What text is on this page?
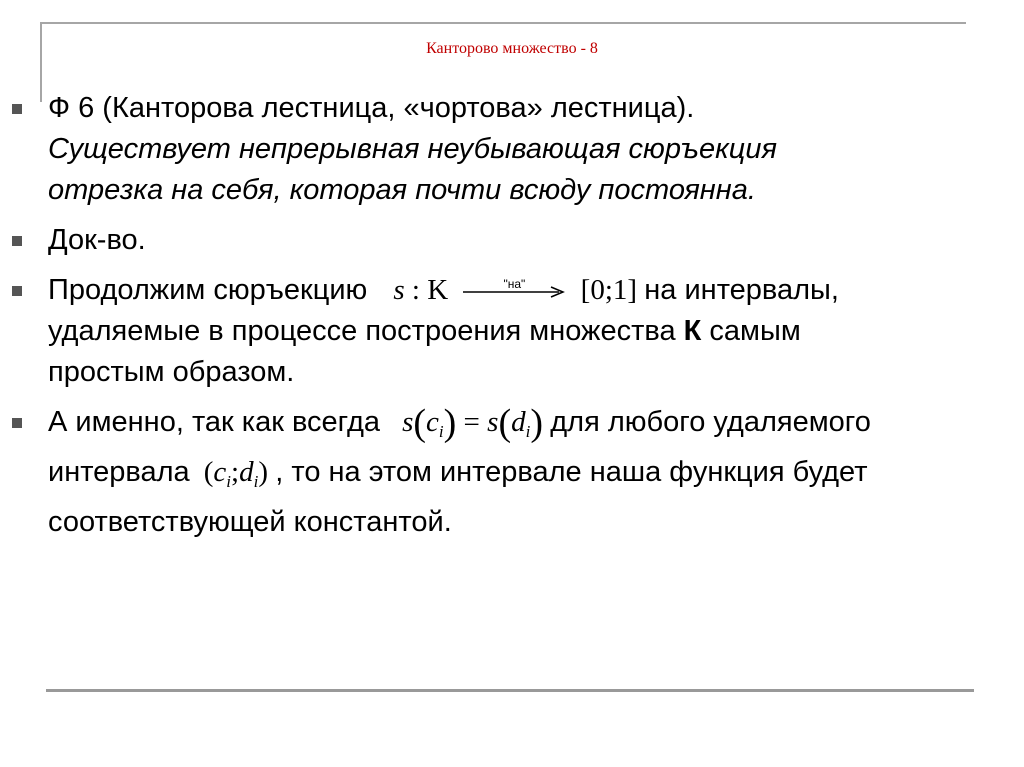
Канторово множество - 8
Ф 6 (Канторова лестница, «чортова» лестница).
Существует непрерывная неубывающая сюръекция
отрезка на себя, которая почти всюду постоянна.
Док-во.
Продолжим сюръекцию s : K	"на"	[0;1] на интервалы,
удаляемые в процессе построения множества К самым
простым образом.
А именно, так как всегда $s(c_i) = s(d_i)$ для любого удаляемого
интервала $(c_i;d_i)$ , то на этом интервале наша функция будет
соответствующей константой.
